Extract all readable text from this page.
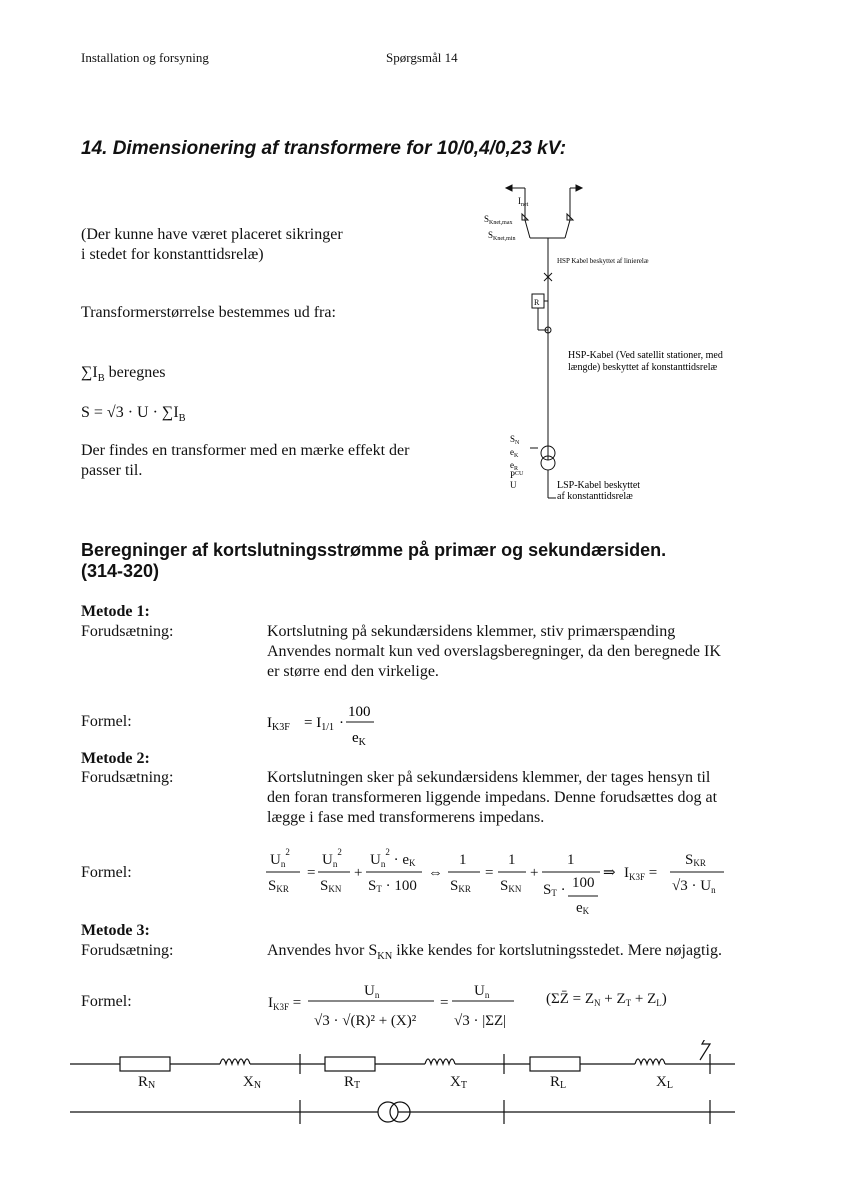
Installation og forsyning	Spørgsmål 14
14. Dimensionering af transformere for 10/0,4/0,23 kV:
(Der kunne have været placeret sikringer
i stedet for konstanttidsrelæ)
Transformerstørrelse bestemmes ud fra:
$\sum I_B$ beregnes
$S = √3 \cdot U \cdot \sum I_B$
Der findes en transformer med en mærke effekt der
passer til.
$I_{net}$
$S_{Knet,max}$
$S_{Knet,min}$
HSP Kabel beskyttet af linierelæ
R
HSP-Kabel (Ved satellit stationer, med
længde) beskyttet af konstanttidsrelæ
$S_N$
$e_K$
$e_R$
$P^{CU}$
U	LSP-Kabel beskyttet
af konstanttidsrelæ
Beregninger af kortslutningsstrømme på primær og sekundærsiden.
(314-320)
Metode 1:
Forudsætning:	Kortslutning på sekundærsidens klemmer, stiv primærspænding
Anvendes normalt kun ved overslagsberegninger, da den beregnede IK
er større end den virkelige.
Formel:	$I_{K3F} = I_{1/1}$ ·
100
$e_K$
Metode 2:
Forudsætning:	Kortslutningen sker på sekundærsidens klemmer, der tages hensyn til
den foran transformeren liggende impedans. Denne forudsættes dog at
lægge i fase med transformerens impedans.
Formel:
$U_n^2$
SKR
=
$U_n^2$
SKN
+
$U_n^2$ · eK
ST · 100
⇔
1
SKR
=
1
SKN
+
1
ST · 100
eK
⇒ $I_{K3F}$ =
SKR
$√3 \cdot U_n$
Metode 3:
Forudsætning:	Anvendes hvor $S_{KN}$ ikke kendes for kortslutningsstedet. Mere nøjagtig.
Formel:	$I_{K3F}$ =
$U_n$
√3 · √(R)² + (X)²
=
$U_n$
√3 · |ΣZ|
(ΣZ̄ = $Z_N + Z_T + Z_L$)
RN	XN	RT	XT	RL	XL
